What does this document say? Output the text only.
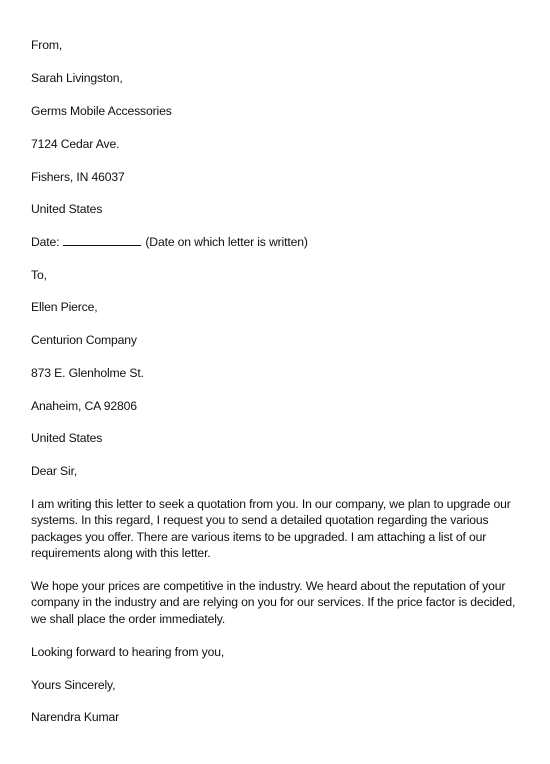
From,
Sarah Livingston,
Germs Mobile Accessories
7124 Cedar Ave.
Fishers, IN 46037
United States
Date:	(Date on which letter is written)
To,
Ellen Pierce,
Centurion Company
873 E. Glenholme St.
Anaheim, CA 92806
United States
Dear Sir,
I am writing this letter to seek a quotation from you. In our company, we plan to upgrade our systems. In this regard, I request you to send a detailed quotation regarding the various packages you offer. There are various items to be upgraded. I am attaching a list of our requirements along with this letter.
We hope your prices are competitive in the industry. We heard about the reputation of your company in the industry and are relying on you for our services. If the price factor is decided, we shall place the order immediately.
Looking forward to hearing from you,
Yours Sincerely,
Narendra Kumar
